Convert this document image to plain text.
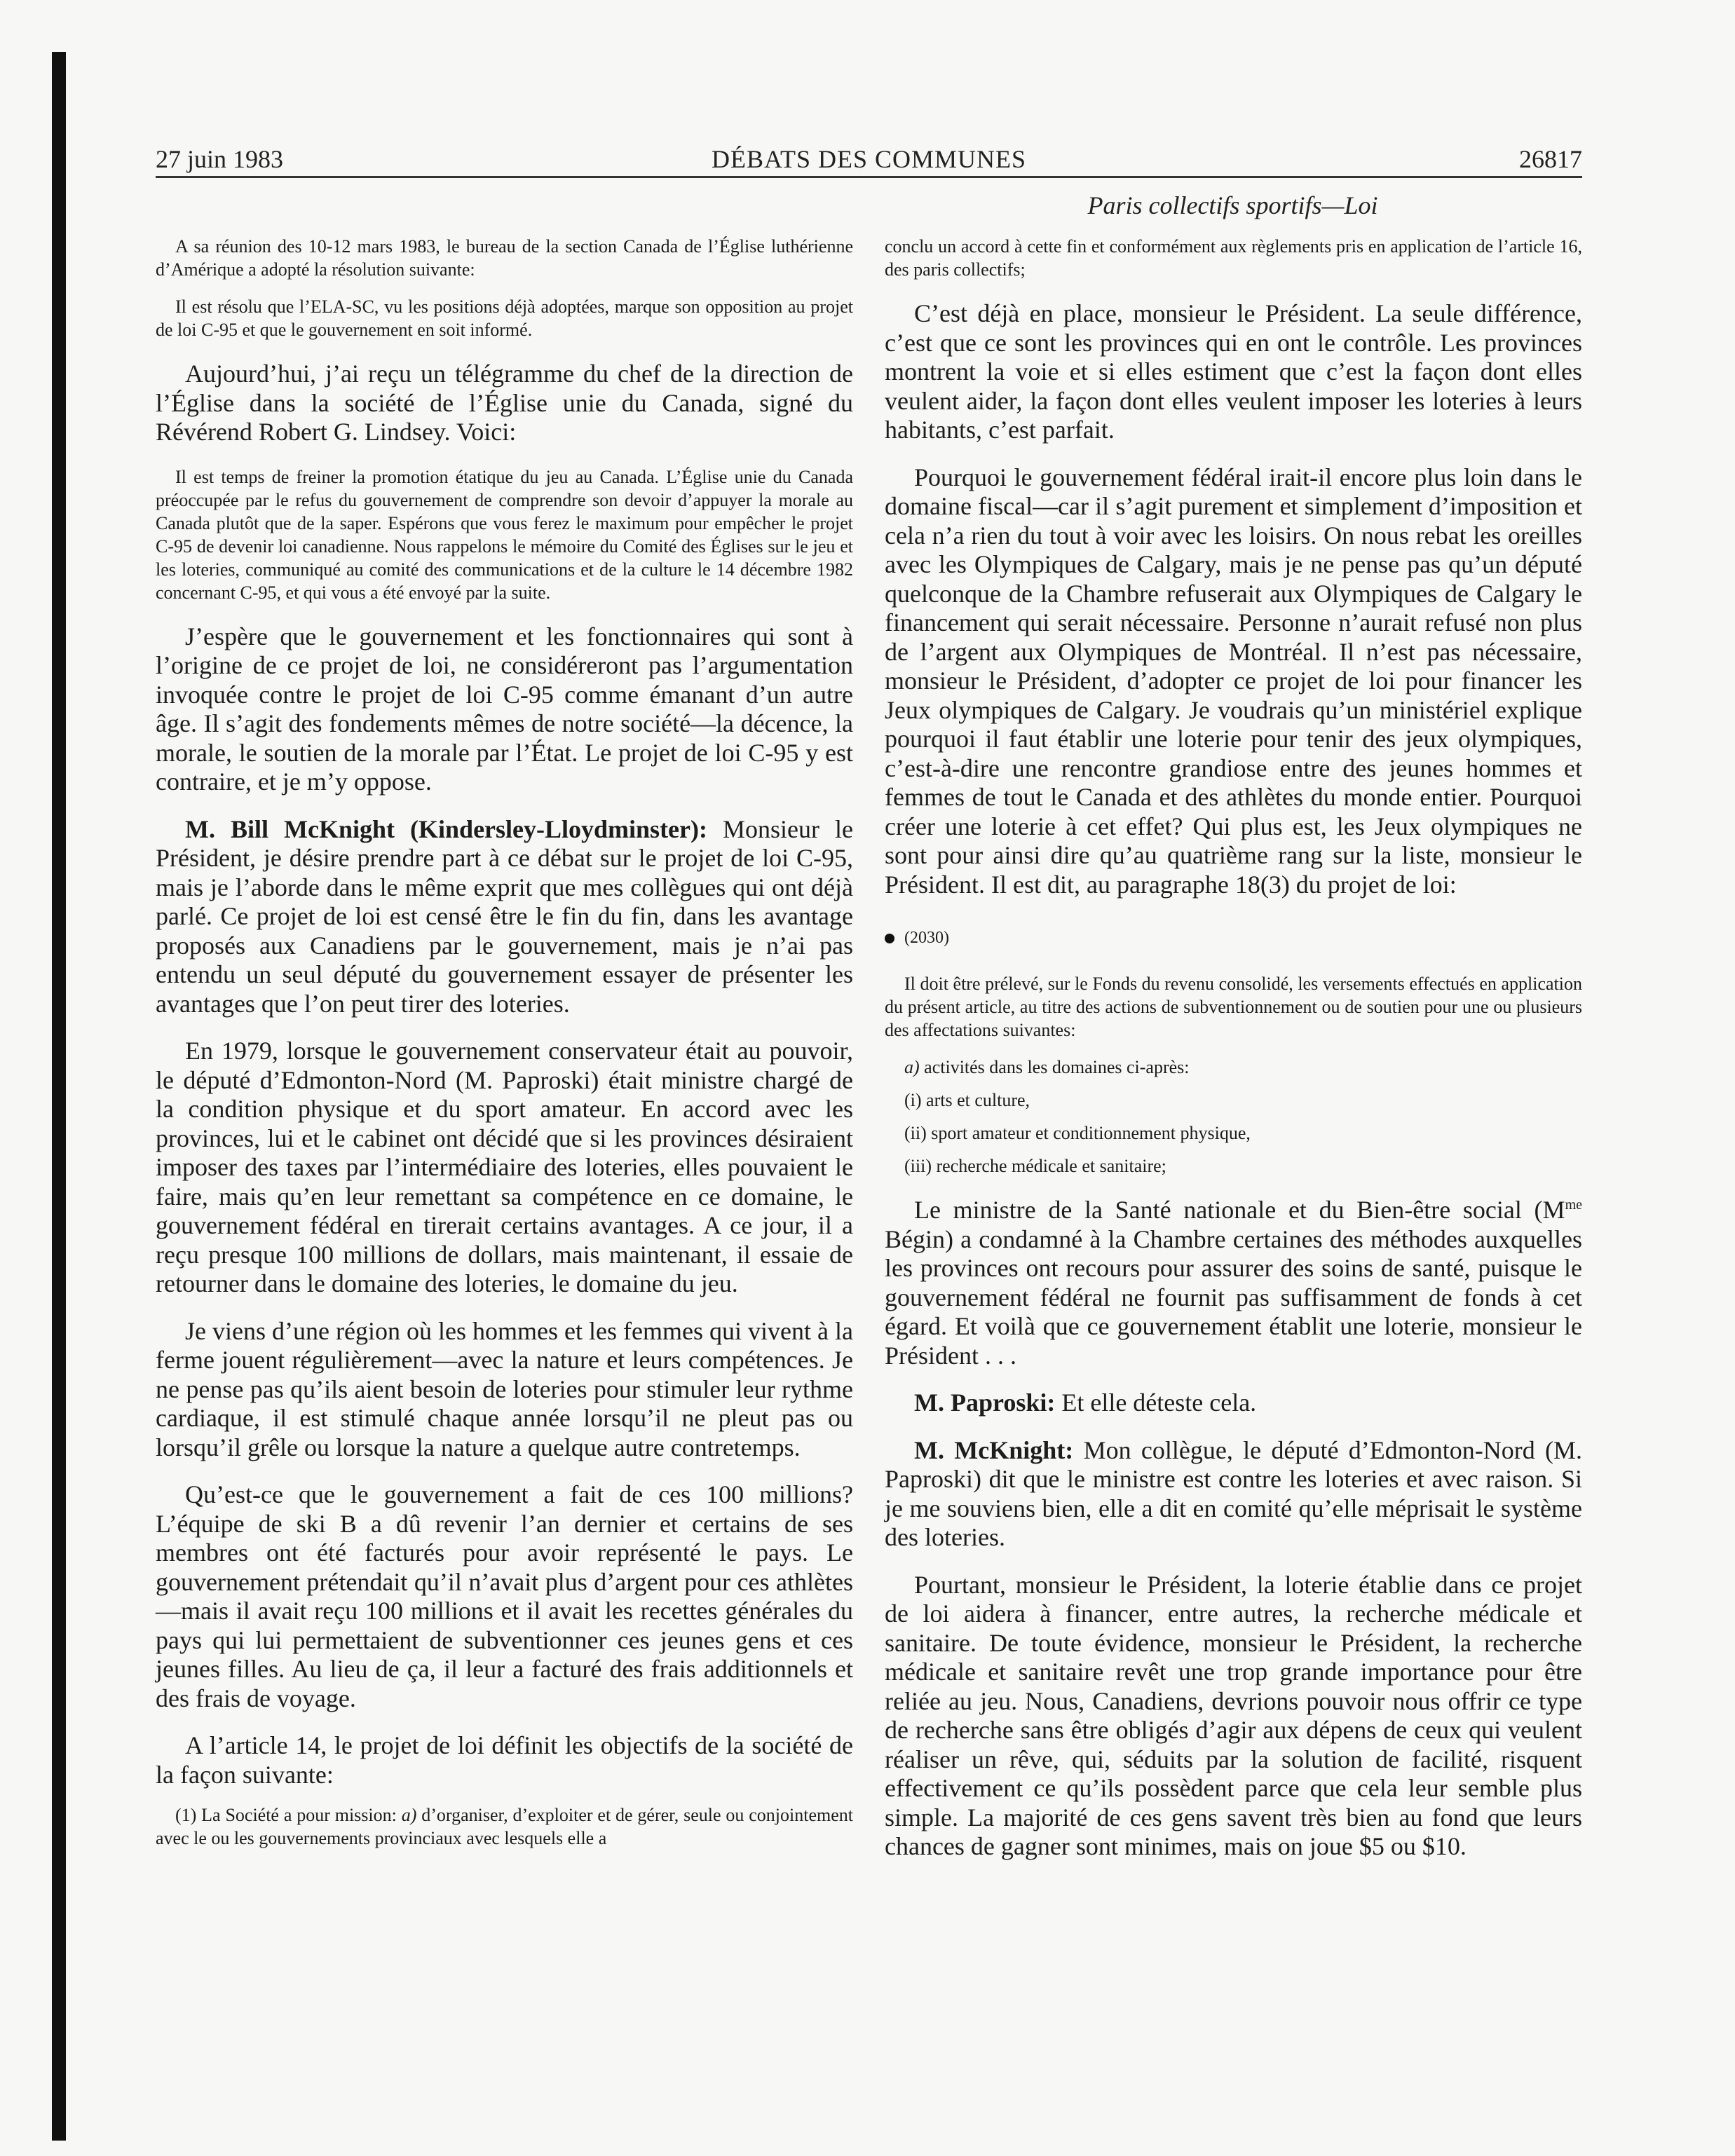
27 juin 1983	DÉBATS DES COMMUNES	26817
Paris collectifs sportifs—Loi

A sa réunion des 10-12 mars 1983, le bureau de la section Canada de l’Église luthérienne d’Amérique a adopté la résolution suivante:

Il est résolu que l’ELA-SC, vu les positions déjà adoptées, marque son opposition au projet de loi C-95 et que le gouvernement en soit informé.

Aujourd’hui, j’ai reçu un télégramme du chef de la direction de l’Église dans la société de l’Église unie du Canada, signé du Révérend Robert G. Lindsey. Voici:

Il est temps de freiner la promotion étatique du jeu au Canada. L’Église unie du Canada préoccupée par le refus du gouvernement de comprendre son devoir d’appuyer la morale au Canada plutôt que de la saper. Espérons que vous ferez le maximum pour empêcher le projet C-95 de devenir loi canadienne. Nous rappelons le mémoire du Comité des Églises sur le jeu et les loteries, communiqué au comité des communications et de la culture le 14 décembre 1982 concernant C-95, et qui vous a été envoyé par la suite.

J’espère que le gouvernement et les fonctionnaires qui sont à l’origine de ce projet de loi, ne considéreront pas l’argumentation invoquée contre le projet de loi C-95 comme émanant d’un autre âge. Il s’agit des fondements mêmes de notre société—la décence, la morale, le soutien de la morale par l’État. Le projet de loi C-95 y est contraire, et je m’y oppose.

M. Bill McKnight (Kindersley-Lloydminster): Monsieur le Président, je désire prendre part à ce débat sur le projet de loi C-95, mais je l’aborde dans le même exprit que mes collègues qui ont déjà parlé. Ce projet de loi est censé être le fin du fin, dans les avantage proposés aux Canadiens par le gouvernement, mais je n’ai pas entendu un seul député du gouvernement essayer de présenter les avantages que l’on peut tirer des loteries.

En 1979, lorsque le gouvernement conservateur était au pouvoir, le député d’Edmonton-Nord (M. Paproski) était ministre chargé de la condition physique et du sport amateur. En accord avec les provinces, lui et le cabinet ont décidé que si les provinces désiraient imposer des taxes par l’intermédiaire des loteries, elles pouvaient le faire, mais qu’en leur remettant sa compétence en ce domaine, le gouvernement fédéral en tirerait certains avantages. A ce jour, il a reçu presque 100 millions de dollars, mais maintenant, il essaie de retourner dans le domaine des loteries, le domaine du jeu.

Je viens d’une région où les hommes et les femmes qui vivent à la ferme jouent régulièrement—avec la nature et leurs compétences. Je ne pense pas qu’ils aient besoin de loteries pour stimuler leur rythme cardiaque, il est stimulé chaque année lorsqu’il ne pleut pas ou lorsqu’il grêle ou lorsque la nature a quelque autre contretemps.

Qu’est-ce que le gouvernement a fait de ces 100 millions? L’équipe de ski B a dû revenir l’an dernier et certains de ses membres ont été facturés pour avoir représenté le pays. Le gouvernement prétendait qu’il n’avait plus d’argent pour ces athlètes—mais il avait reçu 100 millions et il avait les recettes générales du pays qui lui permettaient de subventionner ces jeunes gens et ces jeunes filles. Au lieu de ça, il leur a facturé des frais additionnels et des frais de voyage.

A l’article 14, le projet de loi définit les objectifs de la société de la façon suivante:

(1) La Société a pour mission: a) d’organiser, d’exploiter et de gérer, seule ou conjointement avec le ou les gouvernements provinciaux avec lesquels elle a

conclu un accord à cette fin et conformément aux règlements pris en application de l’article 16, des paris collectifs;

C’est déjà en place, monsieur le Président. La seule différence, c’est que ce sont les provinces qui en ont le contrôle. Les provinces montrent la voie et si elles estiment que c’est la façon dont elles veulent aider, la façon dont elles veulent imposer les loteries à leurs habitants, c’est parfait.

Pourquoi le gouvernement fédéral irait-il encore plus loin dans le domaine fiscal—car il s’agit purement et simplement d’imposition et cela n’a rien du tout à voir avec les loisirs. On nous rebat les oreilles avec les Olympiques de Calgary, mais je ne pense pas qu’un député quelconque de la Chambre refuserait aux Olympiques de Calgary le financement qui serait nécessaire. Personne n’aurait refusé non plus de l’argent aux Olympiques de Montréal. Il n’est pas nécessaire, monsieur le Président, d’adopter ce projet de loi pour financer les Jeux olympiques de Calgary. Je voudrais qu’un ministériel explique pourquoi il faut établir une loterie pour tenir des jeux olympiques, c’est-à-dire une rencontre grandiose entre des jeunes hommes et femmes de tout le Canada et des athlètes du monde entier. Pourquoi créer une loterie à cet effet? Qui plus est, les Jeux olympiques ne sont pour ainsi dire qu’au quatrième rang sur la liste, monsieur le Président. Il est dit, au paragraphe 18(3) du projet de loi:

(2030)

Il doit être prélevé, sur le Fonds du revenu consolidé, les versements effectués en application du présent article, au titre des actions de subventionnement ou de soutien pour une ou plusieurs des affectations suivantes:

a) activités dans les domaines ci-après:

(i) arts et culture,
(ii) sport amateur et conditionnement physique,
(iii) recherche médicale et sanitaire;

Le ministre de la Santé nationale et du Bien-être social ($M^{me}$ Bégin) a condamné à la Chambre certaines des méthodes auxquelles les provinces ont recours pour assurer des soins de santé, puisque le gouvernement fédéral ne fournit pas suffisamment de fonds à cet égard. Et voilà que ce gouvernement établit une loterie, monsieur le Président . . .

M. Paproski: Et elle déteste cela.

M. McKnight: Mon collègue, le député d’Edmonton-Nord (M. Paproski) dit que le ministre est contre les loteries et avec raison. Si je me souviens bien, elle a dit en comité qu’elle méprisait le système des loteries.

Pourtant, monsieur le Président, la loterie établie dans ce projet de loi aidera à financer, entre autres, la recherche médicale et sanitaire. De toute évidence, monsieur le Président, la recherche médicale et sanitaire revêt une trop grande importance pour être reliée au jeu. Nous, Canadiens, devrions pouvoir nous offrir ce type de recherche sans être obligés d’agir aux dépens de ceux qui veulent réaliser un rêve, qui, séduits par la solution de facilité, risquent effectivement ce qu’ils possèdent parce que cela leur semble plus simple. La majorité de ces gens savent très bien au fond que leurs chances de gagner sont minimes, mais on joue $5 ou $10.
